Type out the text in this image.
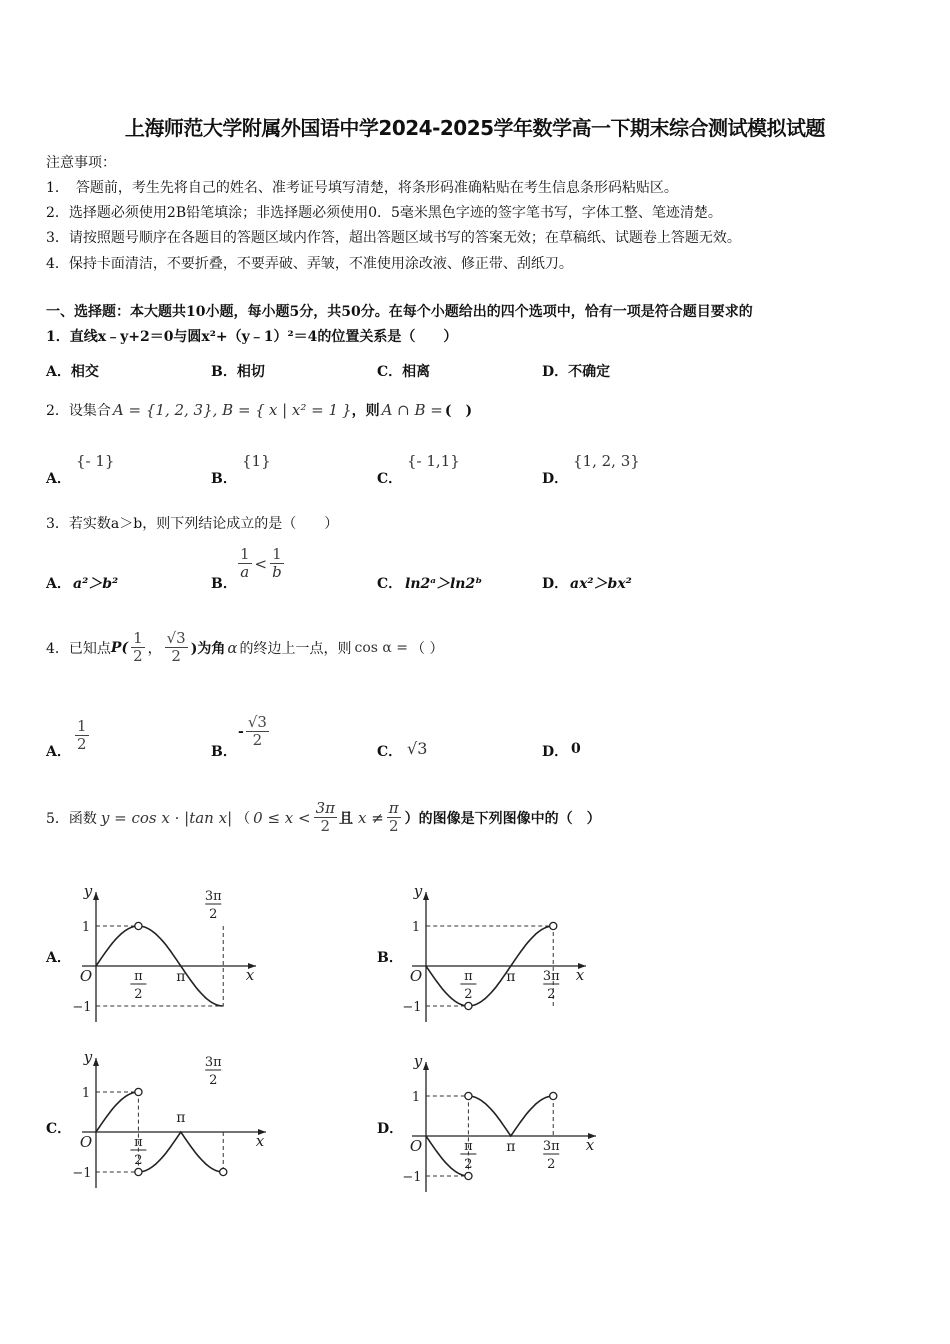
上海师范大学附属外国语中学2024-2025学年数学高一下期末综合测试模拟试题
注意事项：
1．　答题前，考生先将自己的姓名、准考证号填写清楚，将条形码准确粘贴在考生信息条形码粘贴区。
2．选择题必须使用2B铅笔填涂；非选择题必须使用0．5毫米黑色字迹的签字笔书写，字体工整、笔迹清楚。
3．请按照题号顺序在各题目的答题区域内作答，超出答题区域书写的答案无效；在草稿纸、试题卷上答题无效。
4．保持卡面清洁，不要折叠，不要弄破、弄皱，不准使用涂改液、修正带、刮纸刀。
一、选择题：本大题共10小题，每小题5分，共50分。在每个小题给出的四个选项中，恰有一项是符合题目要求的
1．直线x﹣y+2＝0与圆x²+（y﹣1）²＝4的位置关系是（　　）
A．相交	B．相切	C．相离	D．不确定
2．设集合 A = {1, 2, 3}, B = { x | x² = 1 } ，则 A ∩ B = (　)
A．
{- 1}
B．
{1}
C．
{- 1,1}
D．
{1, 2, 3}
3．若实数a＞b，则下列结论成立的是（　　）
A． a²＞b²	B．
$\frac{1}{a} < \frac{1}{b}$
C． ln2ᵃ＞ln2ᵇ	D． ax²＞bx²
4．已知点 $P( \frac{1}{2}$ ， $\frac{√3}{2}$ )为角 α 的终边上一点，则 cos α = （ ）
A． $\frac{1}{2}$	B．
- $\frac{√3}{2}$
C． √3	D． 0
5．函数 y = cos x · |tan x| （ $0 \le x < \frac{3\pi}{2}$ 且 $x \ne \frac{\pi}{2}$ ）的图像是下列图像中的（　）
A．	B．
C．	D．
x
y
O
1
−1
π
2
π
3π
2
x
y
O
1
−1
π
2
π 3π
2
x
y
O
1
−1
π
2
π
3π
2
x
y
O
1
−1
π
2
π 3π
2
